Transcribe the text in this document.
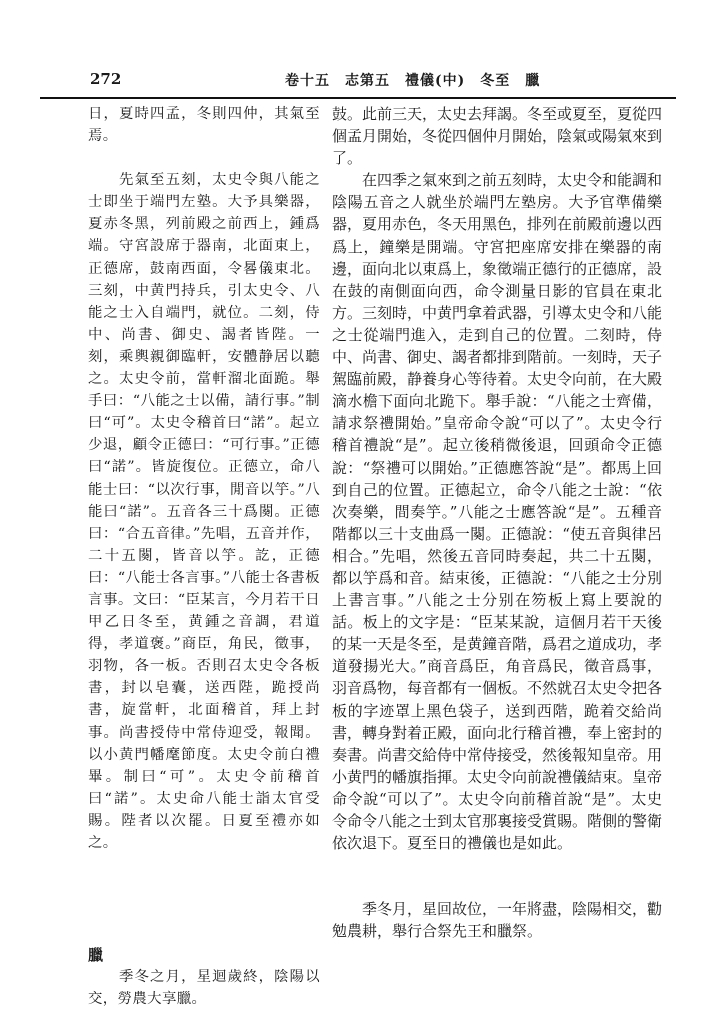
272	卷十五　志第五　禮儀(中)　冬至　臘

日，夏時四孟，冬則四仲，其氣至焉。

　　先氣至五刻，太史令與八能之士即坐于端門左塾。大予具樂器，夏赤冬黑，列前殿之前西上，鍾爲端。守宮設席于器南，北面東上，正德席，鼓南西面，令晷儀東北。三刻，中黄門持兵，引太史令、八能之士入自端門，就位。二刻，侍中、尚書、御史、謁者皆陛。一刻，乘輿親御臨軒，安體静居以聽之。太史令前，當軒溜北面跪。舉手曰：“八能之士以備，請行事。”制曰“可”。太史令稽首曰“諾”。起立少退，顧令正德曰：“可行事。”正德曰“諾”。皆旋復位。正德立，命八能士曰：“以次行事，閒音以竽。”八能曰“諾”。五音各三十爲闋。正德曰：“合五音律。”先唱，五音并作，二十五闋，皆音以竽。訖，正德曰：“八能士各言事。”八能士各書板言事。文曰：“臣某言，今月若干日甲乙日冬至，黄鍾之音調，君道得，孝道褒。”商臣，角民，徵事，羽物，各一板。否則召太史令各板書，封以皂囊，送西陛，跪授尚書，旋當軒，北面稽首，拜上封事。尚書授侍中常侍迎受，報聞。以小黄門幡麾節度。太史令前白禮畢。制曰“可”。太史令前稽首曰“諾”。太史命八能士詣太官受賜。陛者以次罷。日夏至禮亦如之。

臘

　　季冬之月，星迴歲終，陰陽以交，勞農大享臘。

鼓。此前三天，太史去拜謁。冬至或夏至，夏從四個孟月開始，冬從四個仲月開始，陰氣或陽氣來到了。

　　在四季之氣來到之前五刻時，太史令和能調和陰陽五音之人就坐於端門左塾房。大予官準備樂器，夏用赤色，冬天用黑色，排列在前殿前邊以西爲上，鐘樂是開端。守宮把座席安排在樂器的南邊，面向北以東爲上，象徵端正德行的正德席，設在鼓的南側面向西，命令測量日影的官員在東北方。三刻時，中黄門拿着武器，引導太史令和八能之士從端門進入，走到自己的位置。二刻時，侍中、尚書、御史、謁者都排到階前。一刻時，天子駕臨前殿，静養身心等待着。太史令向前，在大殿滴水檐下面向北跪下。舉手說：“八能之士齊備，請求祭禮開始。”皇帝命令說“可以了”。太史令行稽首禮說“是”。起立後稍微後退，回頭命令正德說：“祭禮可以開始。”正德應答說“是”。都馬上回到自己的位置。正德起立，命令八能之士說：“依次奏樂，間奏竽。”八能之士應答說“是”。五種音階都以三十支曲爲一闋。正德說：“使五音與律呂相合。”先唱，然後五音同時奏起，共二十五闋，都以竽爲和音。結束後，正德說：“八能之士分別上書言事。”八能之士分别在笏板上寫上要說的話。板上的文字是：“臣某某說，這個月若干天後的某一天是冬至，是黄鐘音階，爲君之道成功，孝道發揚光大。”商音爲臣，角音爲民，徵音爲事，羽音爲物，每音都有一個板。不然就召太史令把各板的字迹罩上黑色袋子，送到西階，跪着交給尚書，轉身對着正殿，面向北行稽首禮，奉上密封的奏書。尚書交給侍中常侍接受，然後報知皇帝。用小黄門的幡旗指揮。太史令向前說禮儀結束。皇帝命令說“可以了”。太史令向前稽首說“是”。太史令命令八能之士到太官那裏接受賞賜。階側的警衛依次退下。夏至日的禮儀也是如此。

　　季冬月，星回故位，一年將盡，陰陽相交，勸勉農耕，舉行合祭先王和臘祭。
